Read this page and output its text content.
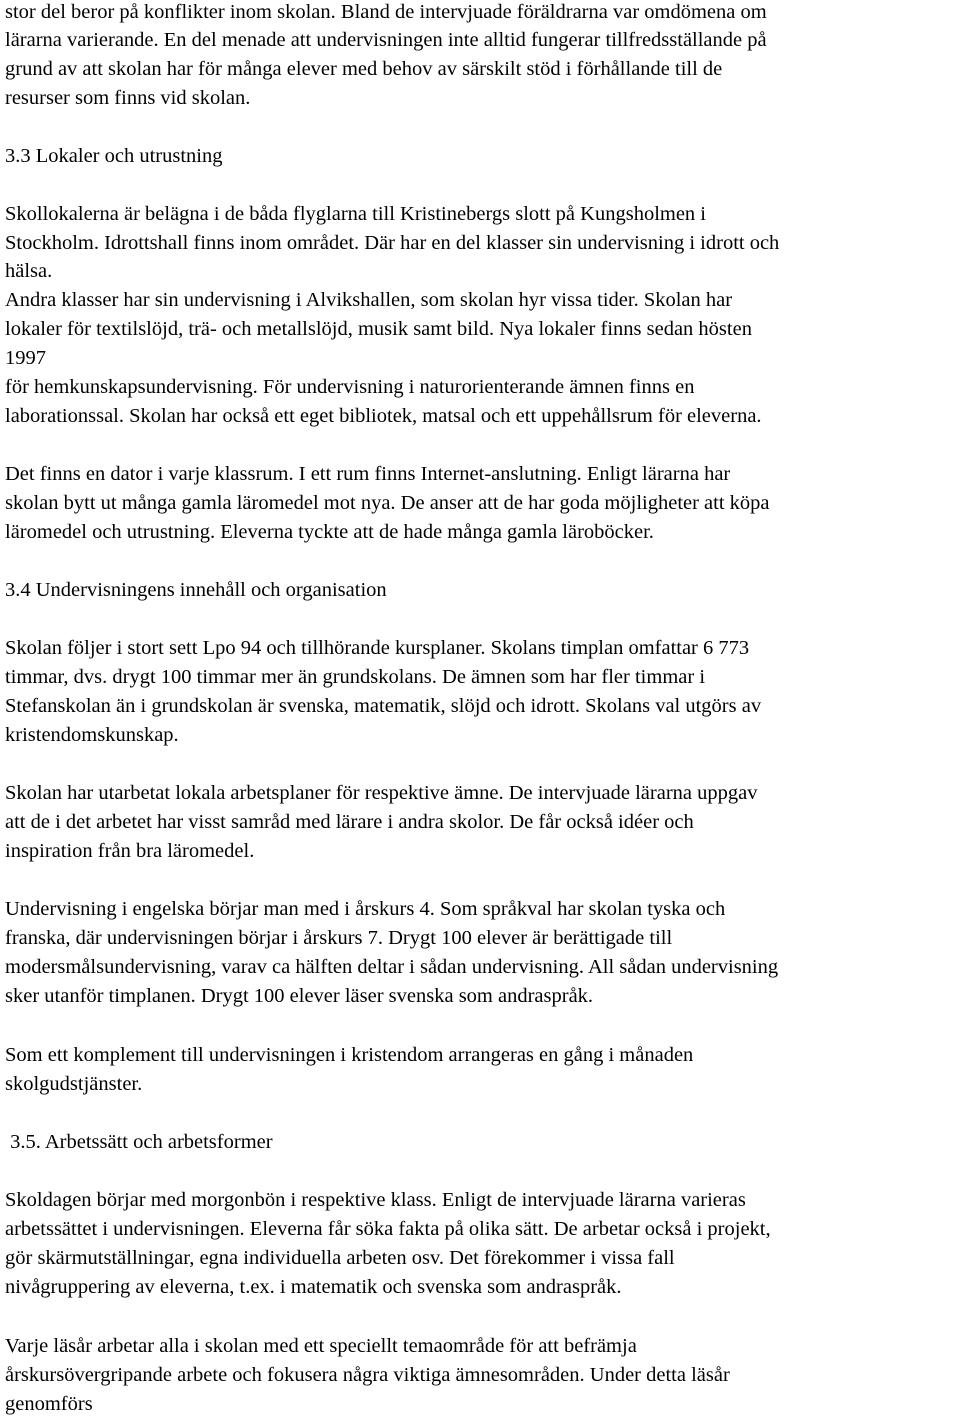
stor del beror på konflikter inom skolan. Bland de intervjuade föräldrarna var omdömena om
lärarna varierande. En del menade att undervisningen inte alltid fungerar tillfredsställande på
grund av att skolan har för många elever med behov av särskilt stöd i förhållande till de
resurser som finns vid skolan.
3.3 Lokaler och utrustning
Skollokalerna är belägna i de båda flyglarna till Kristinebergs slott på Kungsholmen i
Stockholm. Idrottshall finns inom området. Där har en del klasser sin undervisning i idrott och
hälsa.
Andra klasser har sin undervisning i Alvikshallen, som skolan hyr vissa tider. Skolan har
lokaler för textilslöjd, trä- och metallslöjd, musik samt bild. Nya lokaler finns sedan hösten
1997
för hemkunskapsundervisning. För undervisning i naturorienterande ämnen finns en
laborationssal. Skolan har också ett eget bibliotek, matsal och ett uppehållsrum för eleverna.
Det finns en dator i varje klassrum. I ett rum finns Internet-anslutning. Enligt lärarna har
skolan bytt ut många gamla läromedel mot nya. De anser att de har goda möjligheter att köpa
läromedel och utrustning. Eleverna tyckte att de hade många gamla läroböcker.
3.4 Undervisningens innehåll och organisation
Skolan följer i stort sett Lpo 94 och tillhörande kursplaner. Skolans timplan omfattar 6 773
timmar, dvs. drygt 100 timmar mer än grundskolans. De ämnen som har fler timmar i
Stefanskolan än i grundskolan är svenska, matematik, slöjd och idrott. Skolans val utgörs av
kristendomskunskap.
Skolan har utarbetat lokala arbetsplaner för respektive ämne. De intervjuade lärarna uppgav
att de i det arbetet har visst samråd med lärare i andra skolor. De får också idéer och
inspiration från bra läromedel.
Undervisning i engelska börjar man med i årskurs 4. Som språkval har skolan tyska och
franska, där undervisningen börjar i årskurs 7. Drygt 100 elever är berättigade till
modersmålsundervisning, varav ca hälften deltar i sådan undervisning. All sådan undervisning
sker utanför timplanen. Drygt 100 elever läser svenska som andraspråk.
Som ett komplement till undervisningen i kristendom arrangeras en gång i månaden
skolgudstjänster.
3.5. Arbetssätt och arbetsformer
Skoldagen börjar med morgonbön i respektive klass. Enligt de intervjuade lärarna varieras
arbetssättet i undervisningen. Eleverna får söka fakta på olika sätt. De arbetar också i projekt,
gör skärmutställningar, egna individuella arbeten osv. Det förekommer i vissa fall
nivågruppering av eleverna, t.ex. i matematik och svenska som andraspråk.
Varje läsår arbetar alla i skolan med ett speciellt temaområde för att befrämja
årskursövergripande arbete och fokusera några viktiga ämnesområden. Under detta läsår
genomförs
